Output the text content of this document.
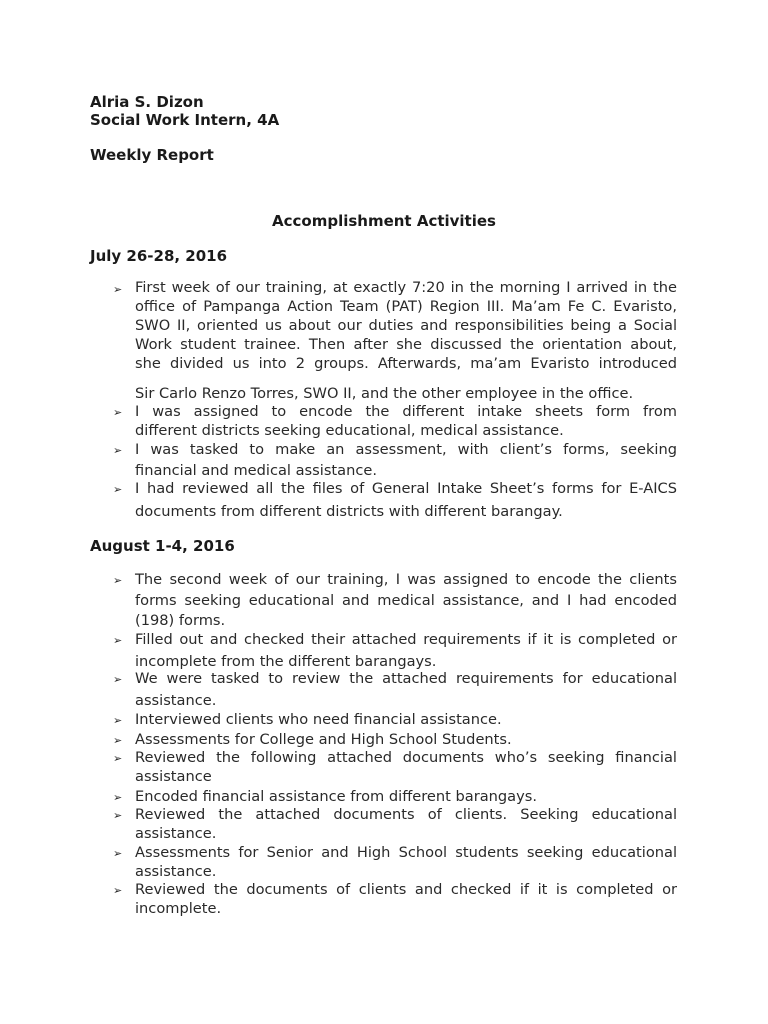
Alria S. Dizon
Social Work Intern, 4A
Weekly Report
Accomplishment Activities
July 26-28, 2016
➢ First week of our training, at exactly 7:20 in the morning I arrived in the
office of Pampanga Action Team (PAT) Region III. Ma’am Fe C. Evaristo,
SWO II, oriented us about our duties and responsibilities being a Social
Work student trainee. Then after she discussed the orientation about,
she divided us into 2 groups. Afterwards, ma’am Evaristo introduced
Sir Carlo Renzo Torres, SWO II, and the other employee in the office.
➢ I was assigned to encode the different intake sheets form from
different districts seeking educational, medical assistance.
➢ I was tasked to make an assessment, with client’s forms, seeking
financial and medical assistance.
➢ I had reviewed all the files of General Intake Sheet’s forms for E-AICS
documents from different districts with different barangay.
August 1-4, 2016
➢ The second week of our training, I was assigned to encode the clients
forms seeking educational and medical assistance, and I had encoded
(198) forms.
➢ Filled out and checked their attached requirements if it is completed or
incomplete from the different barangays.
➢ We were tasked to review the attached requirements for educational
assistance.
➢ Interviewed clients who need financial assistance.
➢ Assessments for College and High School Students.
➢ Reviewed the following attached documents who’s seeking financial
assistance
➢ Encoded financial assistance from different barangays.
➢ Reviewed the attached documents of clients. Seeking educational
assistance.
➢ Assessments for Senior and High School students seeking educational
assistance.
➢ Reviewed the documents of clients and checked if it is completed or
incomplete.
